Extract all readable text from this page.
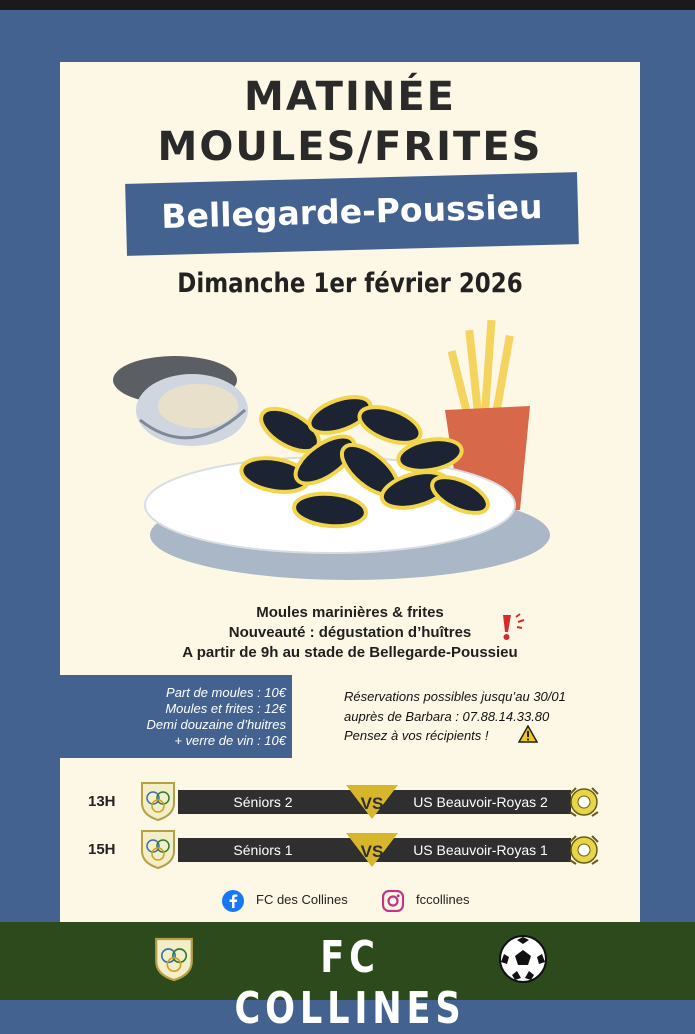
MATINÉE
MOULES/FRITES
Bellegarde-Poussieu
Dimanche 1er février 2026
Moules marinières & frites
Nouveauté : dégustation d’huîtres
A partir de 9h au stade de Bellegarde-Poussieu
Part de moules : 10€
Moules et frites : 12€
Demi douzaine d’huitres
+ verre de vin : 10€
Réservations possibles jusqu’au 30/01
auprès de Barbara : 07.88.14.33.80
Pensez à vos récipients !
13H	Séniors 2	US Beauvoir-Royas 2
VS
15H	Séniors 1	US Beauvoir-Royas 1
VS
FC des Collines	fccollines
FC COLLINES
